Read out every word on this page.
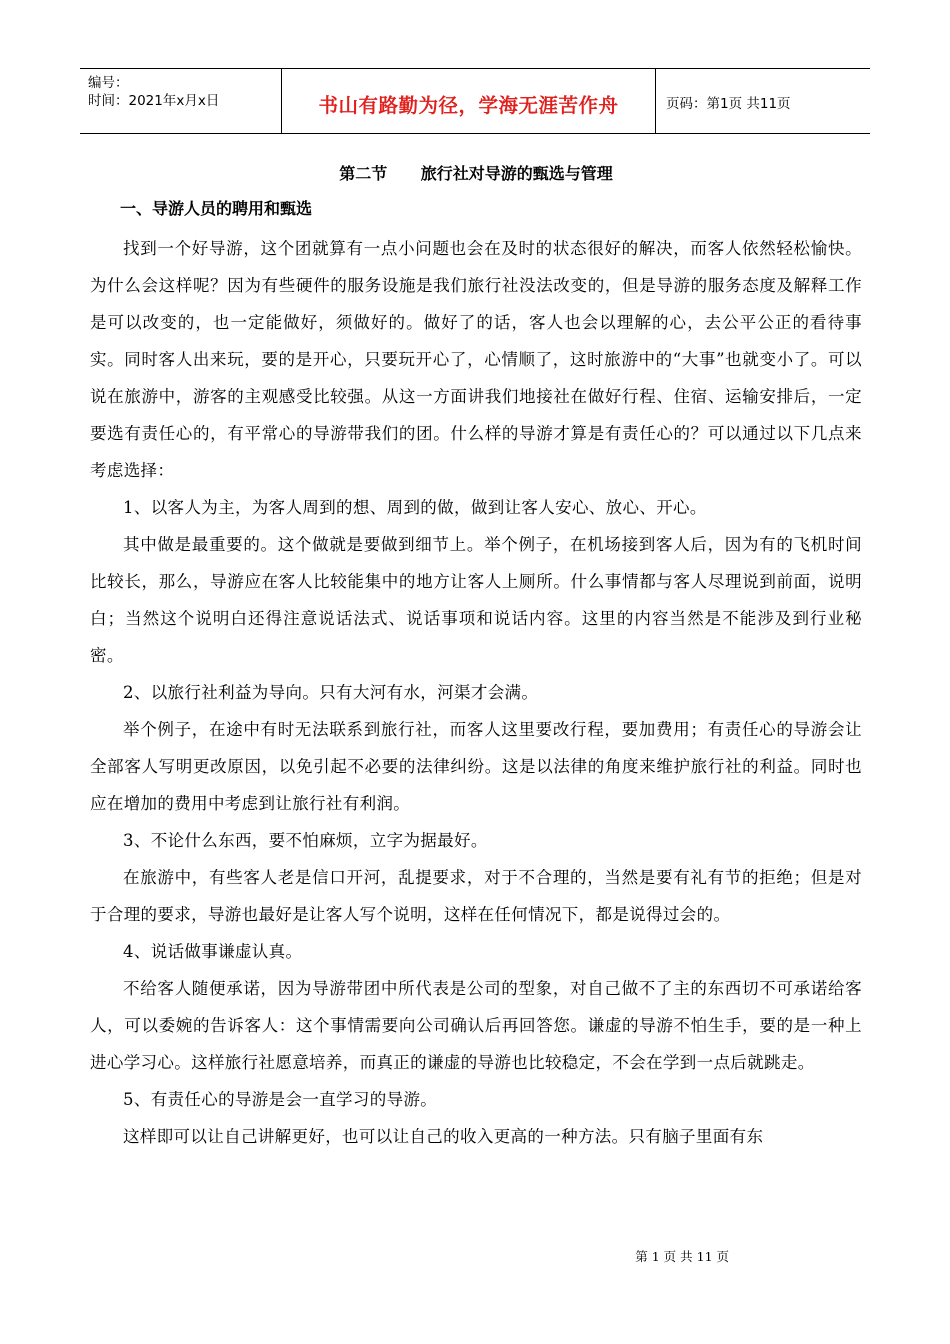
编号：
时间：2021年x月x日	书山有路勤为径，学海无涯苦作舟	页码：第1页 共11页
第二节      旅行社对导游的甄选与管理
一、导游人员的聘用和甄选

找到一个好导游，这个团就算有一点小问题也会在及时的状态很好的解决，而客人依然轻松愉快。为什么会这样呢？因为有些硬件的服务设施是我们旅行社没法改变的，但是导游的服务态度及解释工作是可以改变的，也一定能做好，须做好的。做好了的话，客人也会以理解的心，去公平公正的看待事实。同时客人出来玩，要的是开心，只要玩开心了，心情顺了，这时旅游中的“大事”也就变小了。可以说在旅游中，游客的主观感受比较强。从这一方面讲我们地接社在做好行程、住宿、运输安排后，一定要选有责任心的，有平常心的导游带我们的团。什么样的导游才算是有责任心的？可以通过以下几点来考虑选择：

1、以客人为主，为客人周到的想、周到的做，做到让客人安心、放心、开心。

其中做是最重要的。这个做就是要做到细节上。举个例子，在机场接到客人后，因为有的飞机时间比较长，那么，导游应在客人比较能集中的地方让客人上厕所。什么事情都与客人尽理说到前面，说明白；当然这个说明白还得注意说话法式、说话事项和说话内容。这里的内容当然是不能涉及到行业秘密。

2、以旅行社利益为导向。只有大河有水，河渠才会满。

举个例子，在途中有时无法联系到旅行社，而客人这里要改行程，要加费用；有责任心的导游会让全部客人写明更改原因，以免引起不必要的法律纠纷。这是以法律的角度来维护旅行社的利益。同时也应在增加的费用中考虑到让旅行社有利润。

3、不论什么东西，要不怕麻烦，立字为据最好。

在旅游中，有些客人老是信口开河，乱提要求，对于不合理的，当然是要有礼有节的拒绝；但是对于合理的要求，导游也最好是让客人写个说明，这样在任何情况下，都是说得过会的。

4、说话做事谦虚认真。

不给客人随便承诺，因为导游带团中所代表是公司的型象，对自己做不了主的东西切不可承诺给客人，可以委婉的告诉客人：这个事情需要向公司确认后再回答您。谦虚的导游不怕生手，要的是一种上进心学习心。这样旅行社愿意培养，而真正的谦虚的导游也比较稳定，不会在学到一点后就跳走。

5、有责任心的导游是会一直学习的导游。

这样即可以让自己讲解更好，也可以让自己的收入更高的一种方法。只有脑子里面有东

第 1 页 共 11 页
